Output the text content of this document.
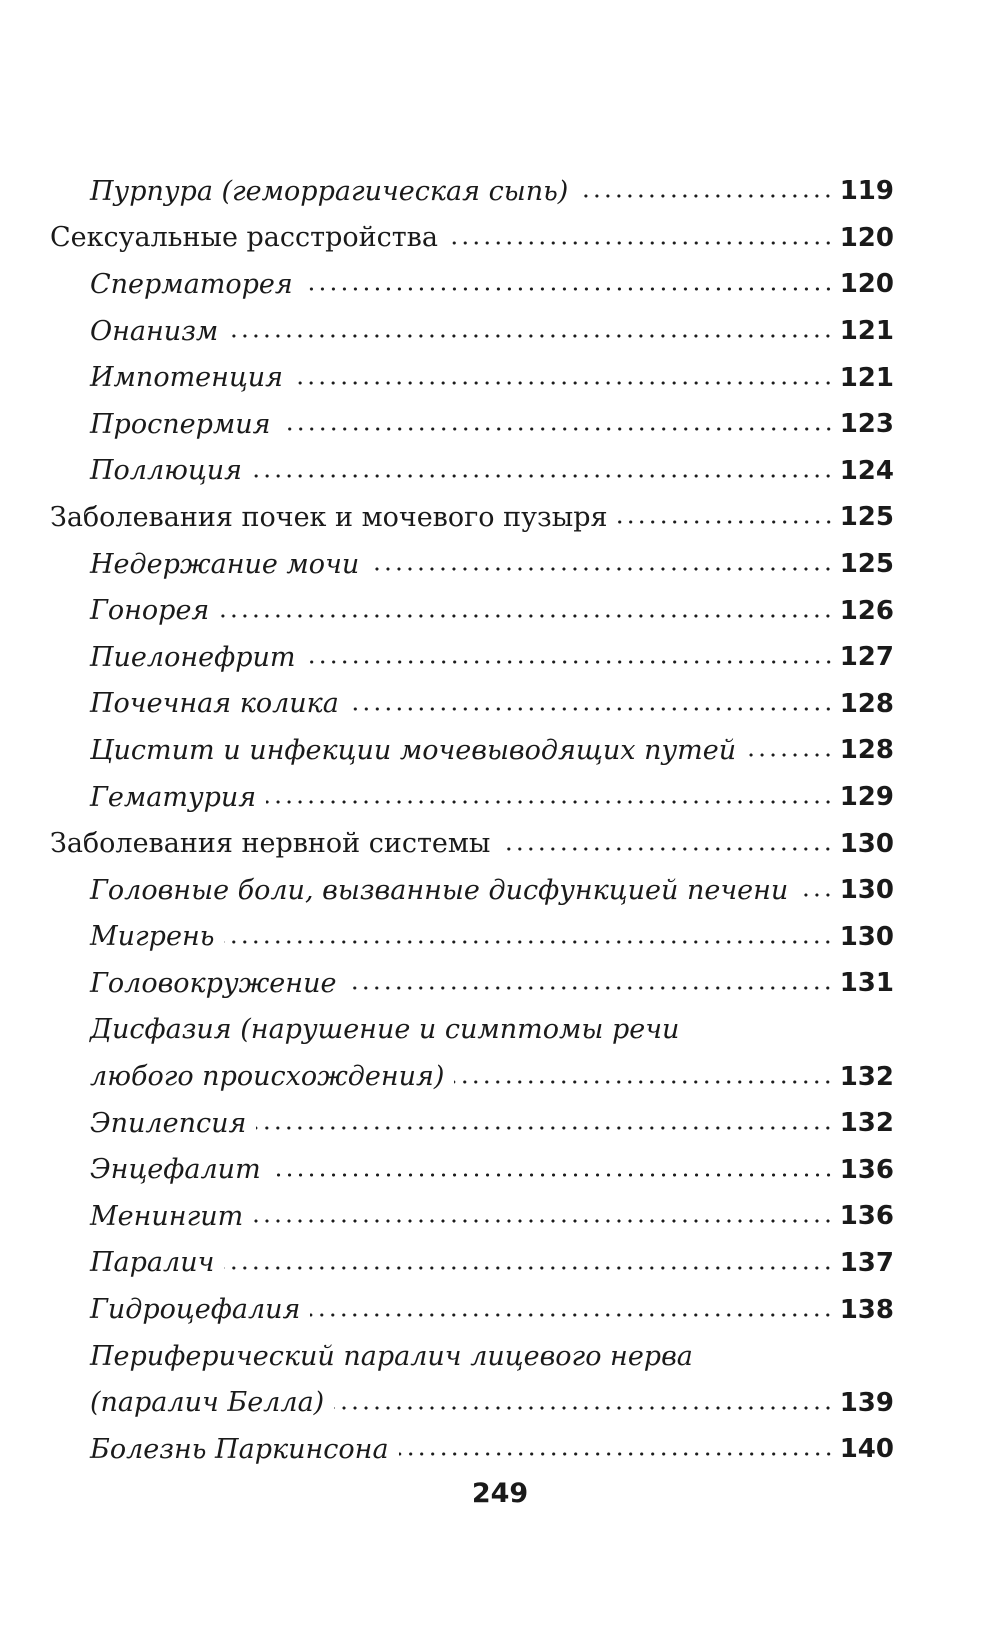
Пурпура (геморрагическая сыпь)	119
Сексуальные расстройства	120
Сперматорея	120
Онанизм	121
Импотенция	121
Проспермия	123
Поллюция	124
Заболевания почек и мочевого пузыря	125
Недержание мочи	125
Гонорея	126
Пиелонефрит	127
Почечная колика	128
Цистит и инфекции мочевыводящих путей	128
Гематурия	129
Заболевания нервной системы	130
Головные боли, вызванные дисфункцией печени 130
Мигрень	130
Головокружение	131
Дисфазия (нарушение и симптомы речи
любого происхождения)	132
Эпилепсия	132
Энцефалит	136
Менингит	136
Паралич	137
Гидроцефалия	138
Периферический паралич лицевого нерва
(паралич Белла)	139
Болезнь Паркинсона	140
249
